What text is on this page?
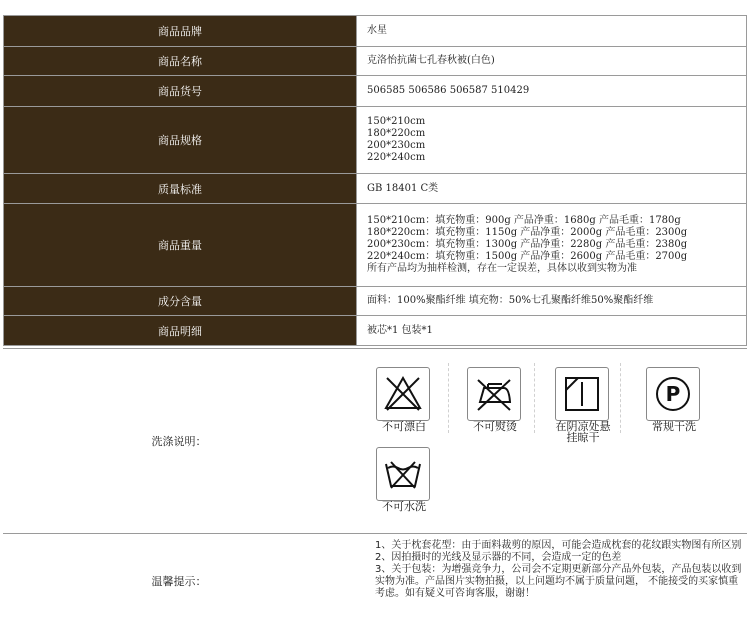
商品品牌	水星
商品名称	克洛怡抗菌七孔春秋被(白色)
商品货号	506585 506586 506587 510429
商品规格	150*210cm
180*220cm
200*230cm
220*240cm

质量标准	GB 18401 C类
商品重量	150*210cm：填充物重：900g 产品净重：1680g 产品毛重：1780g
180*220cm：填充物重：1150g 产品净重：2000g 产品毛重：2300g
200*230cm：填充物重：1300g 产品净重：2280g 产品毛重：2380g
220*240cm：填充物重：1500g 产品净重：2600g 产品毛重：2700g
所有产品均为抽样检测，存在一定误差，具体以收到实物为准

成分含量	面料：100%聚酯纤维 填充物：50%七孔聚酯纤维50%聚酯纤维
商品明细	被芯*1 包装*1
洗涤说明：
不可漂白	不可熨烫	在阴凉处悬挂晾干
P
常规干洗
不可水洗
温馨提示：
1、关于枕套花型：由于面料裁剪的原因，可能会造成枕套的花纹跟实物图有所区别
2、因拍摄时的光线及显示器的不同，会造成一定的色差
3、关于包装：为增强竞争力，公司会不定期更新部分产品外包装，产品包装以收到实物为准。产品图片实物拍摄，以上问题均不属于质量问题， 不能接受的买家慎重考虑。如有疑义可咨询客服，谢谢！
